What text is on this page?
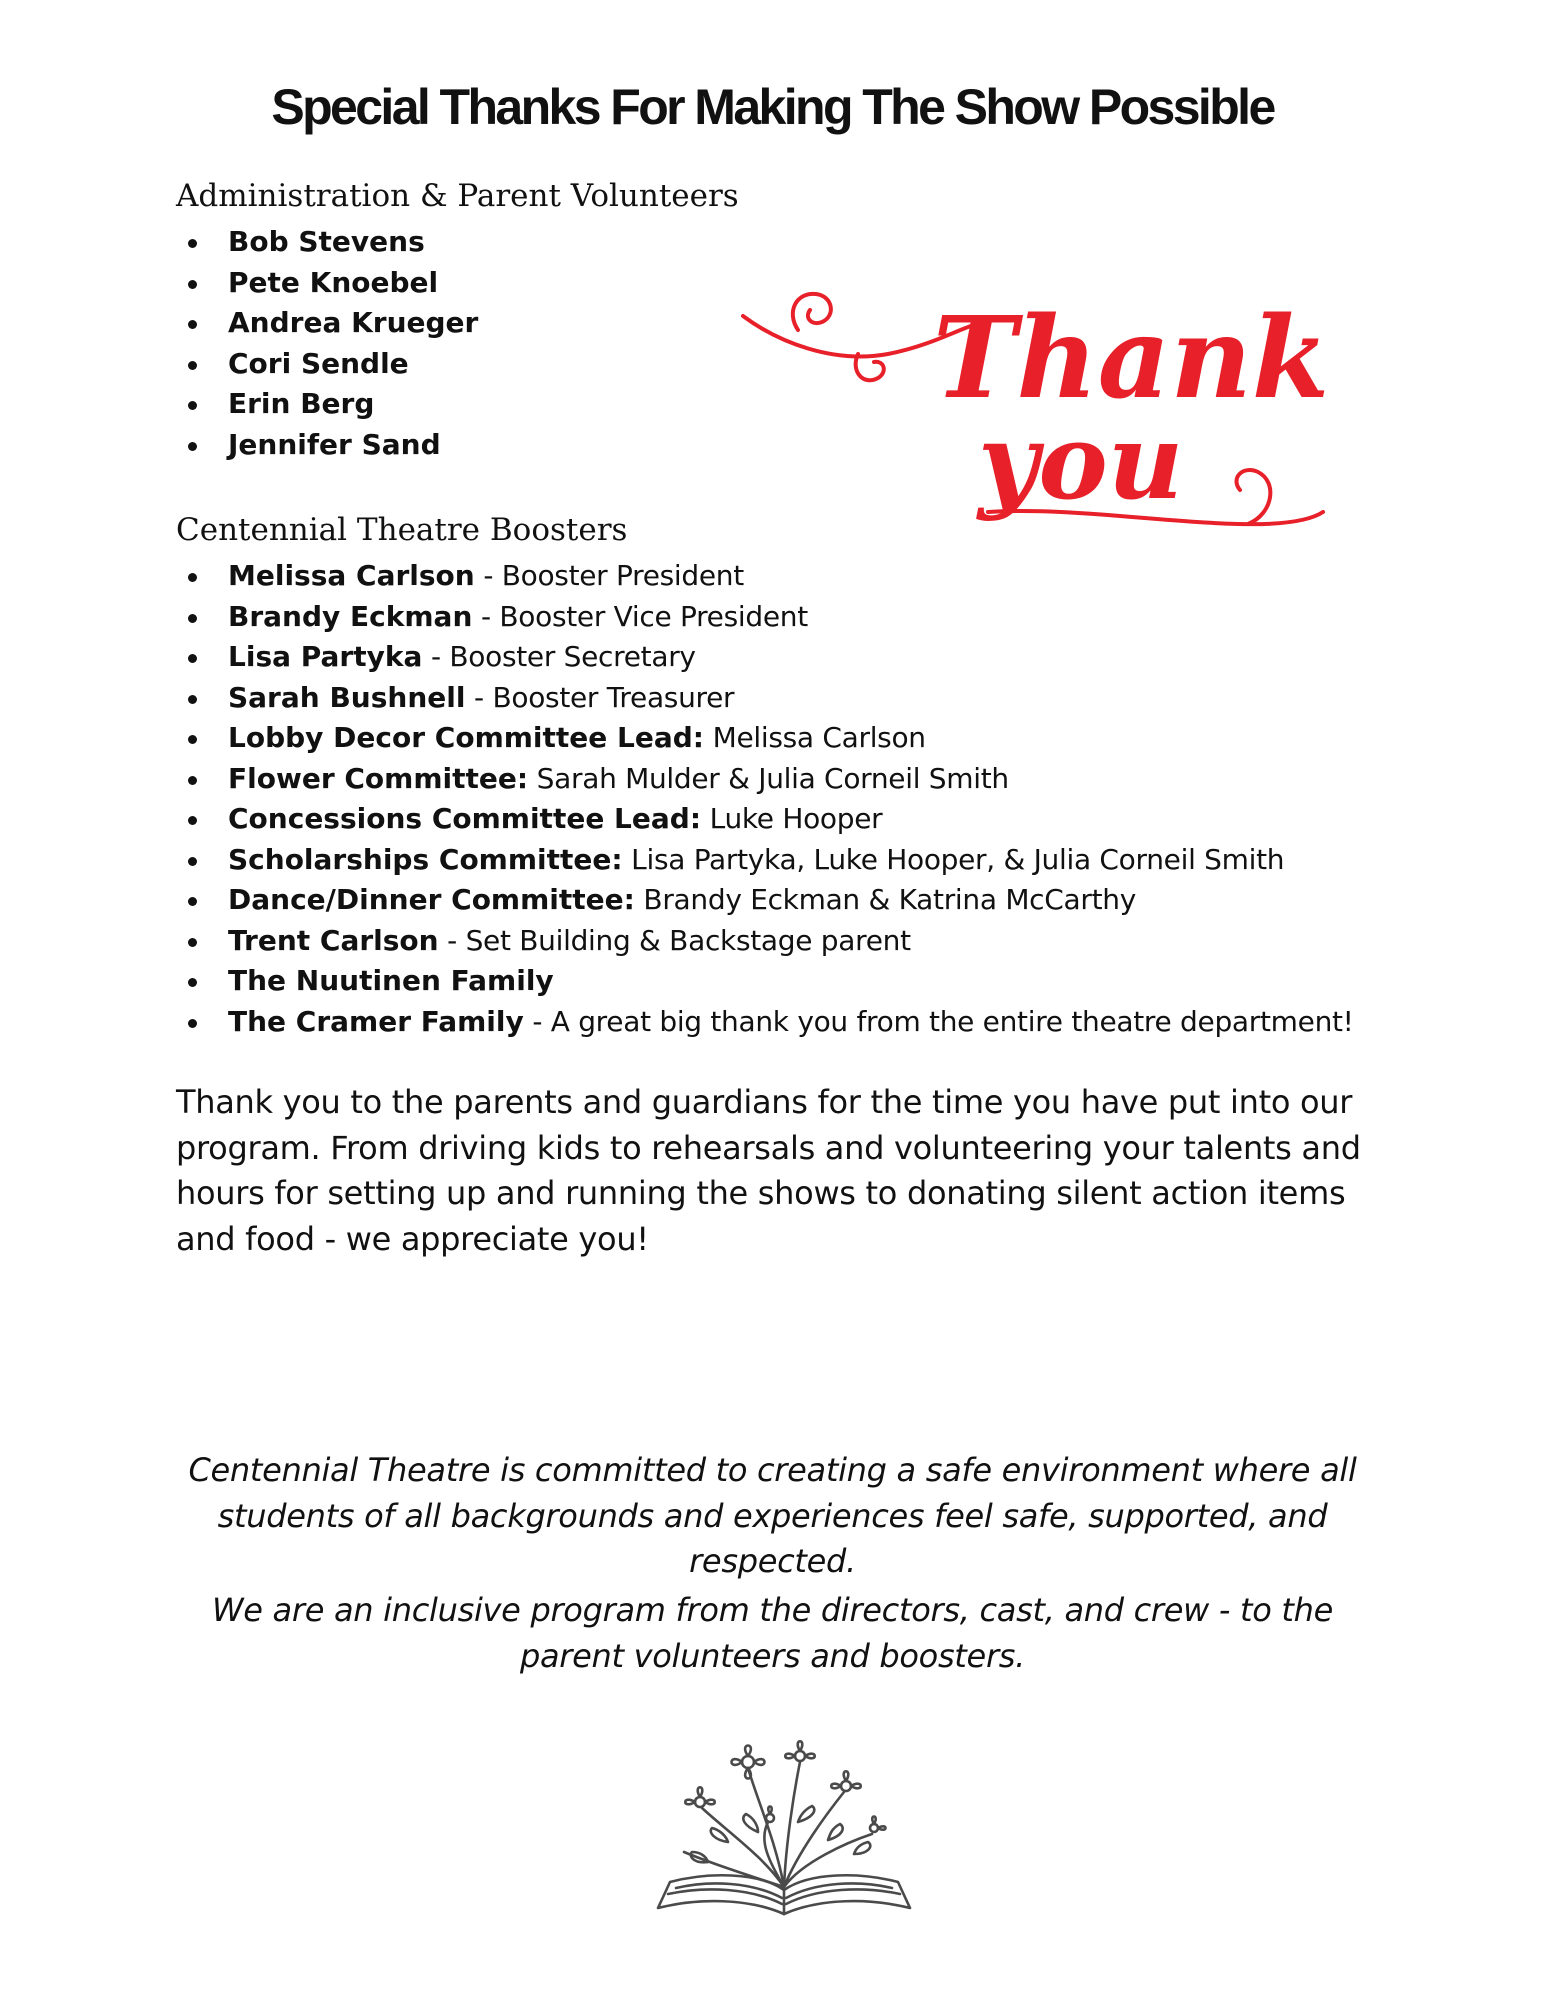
Special Thanks For Making The Show Possible
Administration & Parent Volunteers
Bob Stevens
Pete Knoebel
Andrea Krueger
Cori Sendle
Erin Berg
Jennifer Sand
Thank
you
Centennial Theatre Boosters
Melissa Carlson - Booster President
Brandy Eckman - Booster Vice President
Lisa Partyka - Booster Secretary
Sarah Bushnell - Booster Treasurer
Lobby Decor Committee Lead: Melissa Carlson
Flower Committee: Sarah Mulder & Julia Corneil Smith
Concessions Committee Lead: Luke Hooper
Scholarships Committee: Lisa Partyka, Luke Hooper, & Julia Corneil Smith
Dance/Dinner Committee: Brandy Eckman & Katrina McCarthy
Trent Carlson - Set Building & Backstage parent
The Nuutinen Family
The Cramer Family - A great big thank you from the entire theatre department!

Thank you to the parents and guardians for the time you have put into our program. From driving kids to rehearsals and volunteering your talents and hours for setting up and running the shows to donating silent action items and food - we appreciate you!

Centennial Theatre is committed to creating a safe environment where all students of all backgrounds and experiences feel safe, supported, and respected.

We are an inclusive program from the directors, cast, and crew - to the parent volunteers and boosters.
